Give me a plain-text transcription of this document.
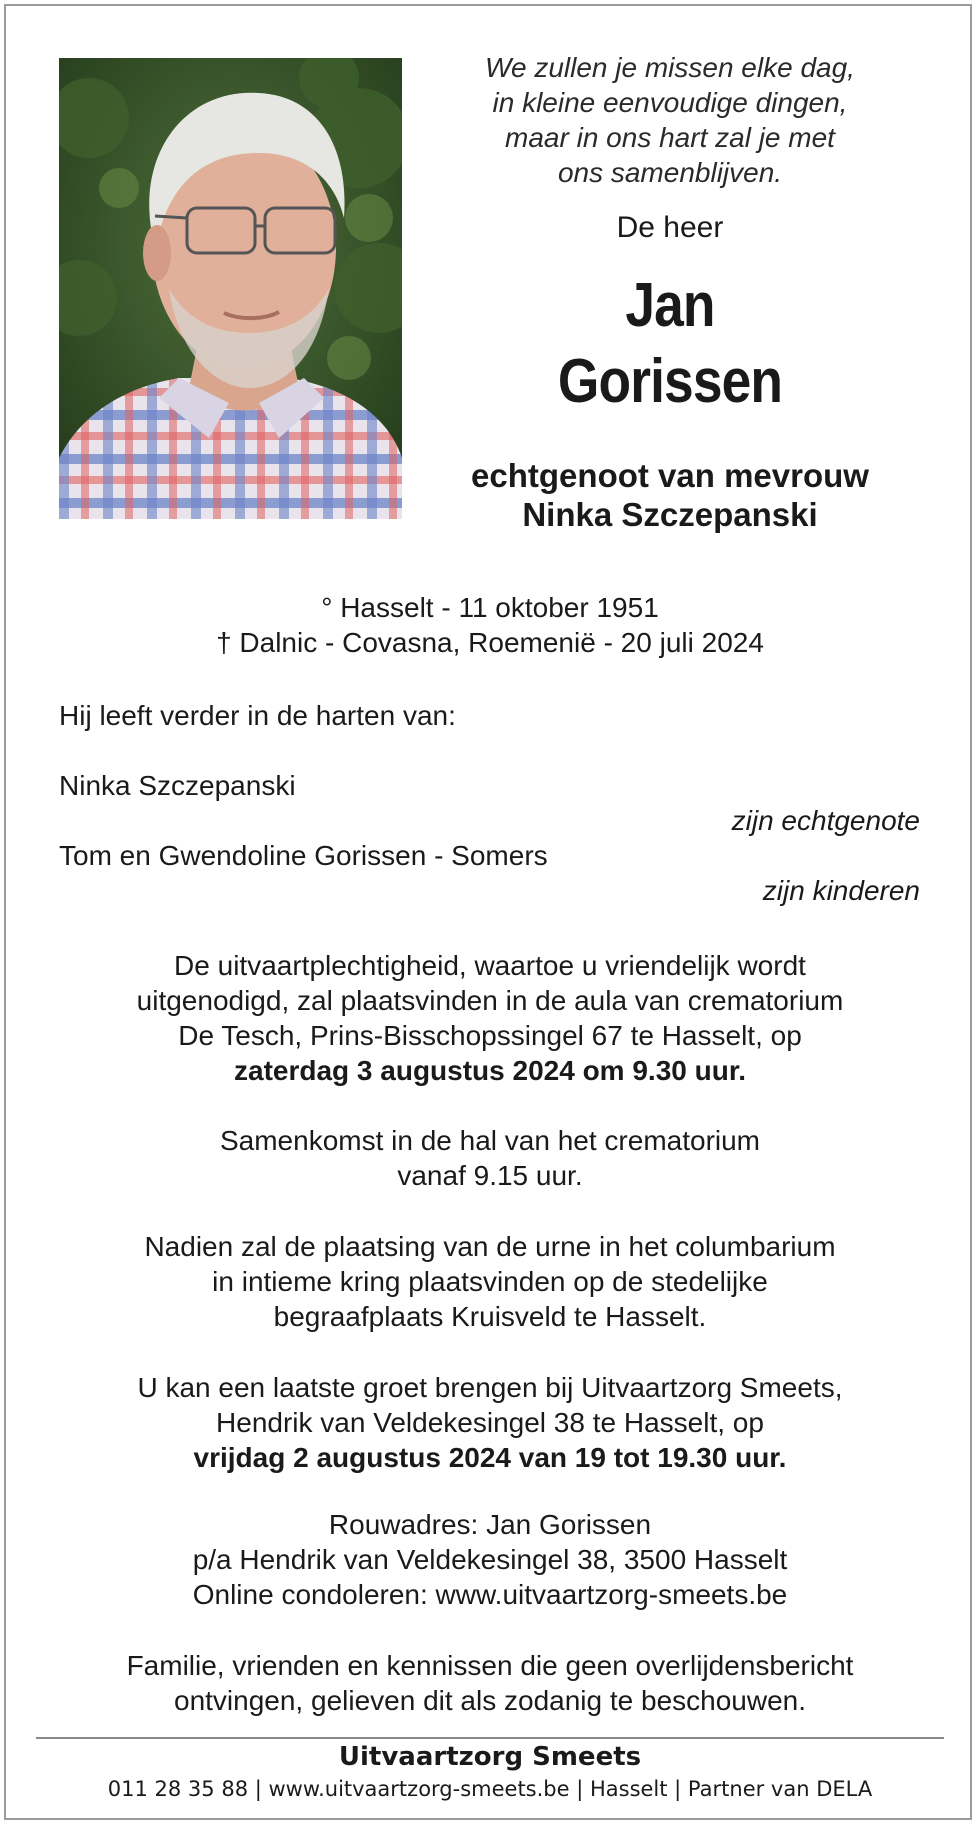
We zullen je missen elke dag,
in kleine eenvoudige dingen,
maar in ons hart zal je met
ons samenblijven.
De heer
Jan
Gorissen
echtgenoot van mevrouw
Ninka Szczepanski
° Hasselt - 11 oktober 1951
† Dalnic - Covasna, Roemenië - 20 juli 2024
Hij leeft verder in de harten van:
Ninka Szczepanski
zijn echtgenote
Tom en Gwendoline Gorissen - Somers
zijn kinderen
De uitvaartplechtigheid, waartoe u vriendelijk wordt
uitgenodigd, zal plaatsvinden in de aula van crematorium
De Tesch, Prins-Bisschopssingel 67 te Hasselt, op
zaterdag 3 augustus 2024 om 9.30 uur.
Samenkomst in de hal van het crematorium
vanaf 9.15 uur.
Nadien zal de plaatsing van de urne in het columbarium
in intieme kring plaatsvinden op de stedelijke
begraafplaats Kruisveld te Hasselt.
U kan een laatste groet brengen bij Uitvaartzorg Smeets,
Hendrik van Veldekesingel 38 te Hasselt, op
vrijdag 2 augustus 2024 van 19 tot 19.30 uur.
Rouwadres: Jan Gorissen
p/a Hendrik van Veldekesingel 38, 3500 Hasselt
Online condoleren: www.uitvaartzorg-smeets.be
Familie, vrienden en kennissen die geen overlijdensbericht
ontvingen, gelieven dit als zodanig te beschouwen.
Uitvaartzorg Smeets
011 28 35 88 | www.uitvaartzorg-smeets.be | Hasselt | Partner van DELA
